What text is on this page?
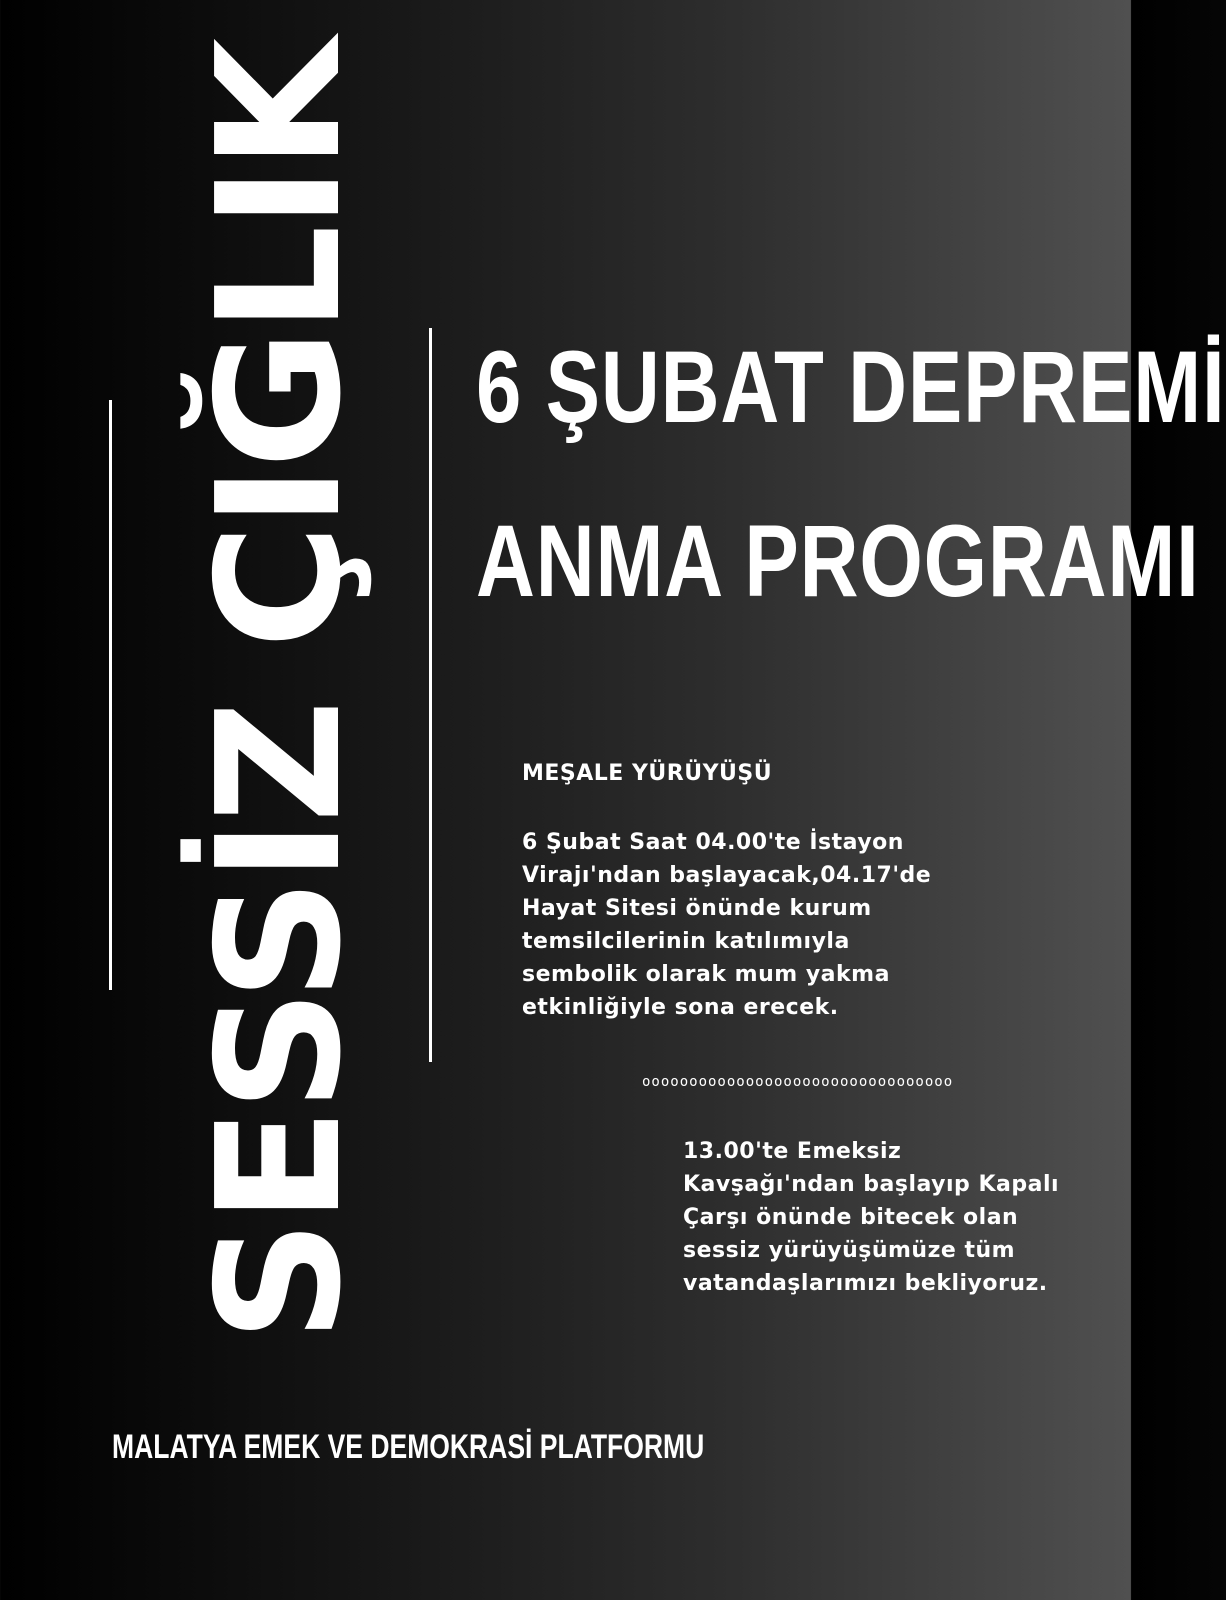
SESSİZ ÇIĞLIK 6 ŞUBAT DEPREMİ
ANMA PROGRAMI
MEŞALE YÜRÜYÜŞÜ
6 Şubat Saat 04.00'te İstayon
Virajı'ndan başlayacak,04.17'de
Hayat Sitesi önünde kurum
temsilcilerinin katılımıyla
sembolik olarak mum yakma
etkinliğiyle sona erecek.
ooooooooooooooooooooooooooooooooo
13.00'te Emeksiz
Kavşağı'ndan başlayıp Kapalı
Çarşı önünde bitecek olan
sessiz yürüyüşümüze tüm
vatandaşlarımızı bekliyoruz.
MALATYA EMEK VE DEMOKRASİ PLATFORMU
